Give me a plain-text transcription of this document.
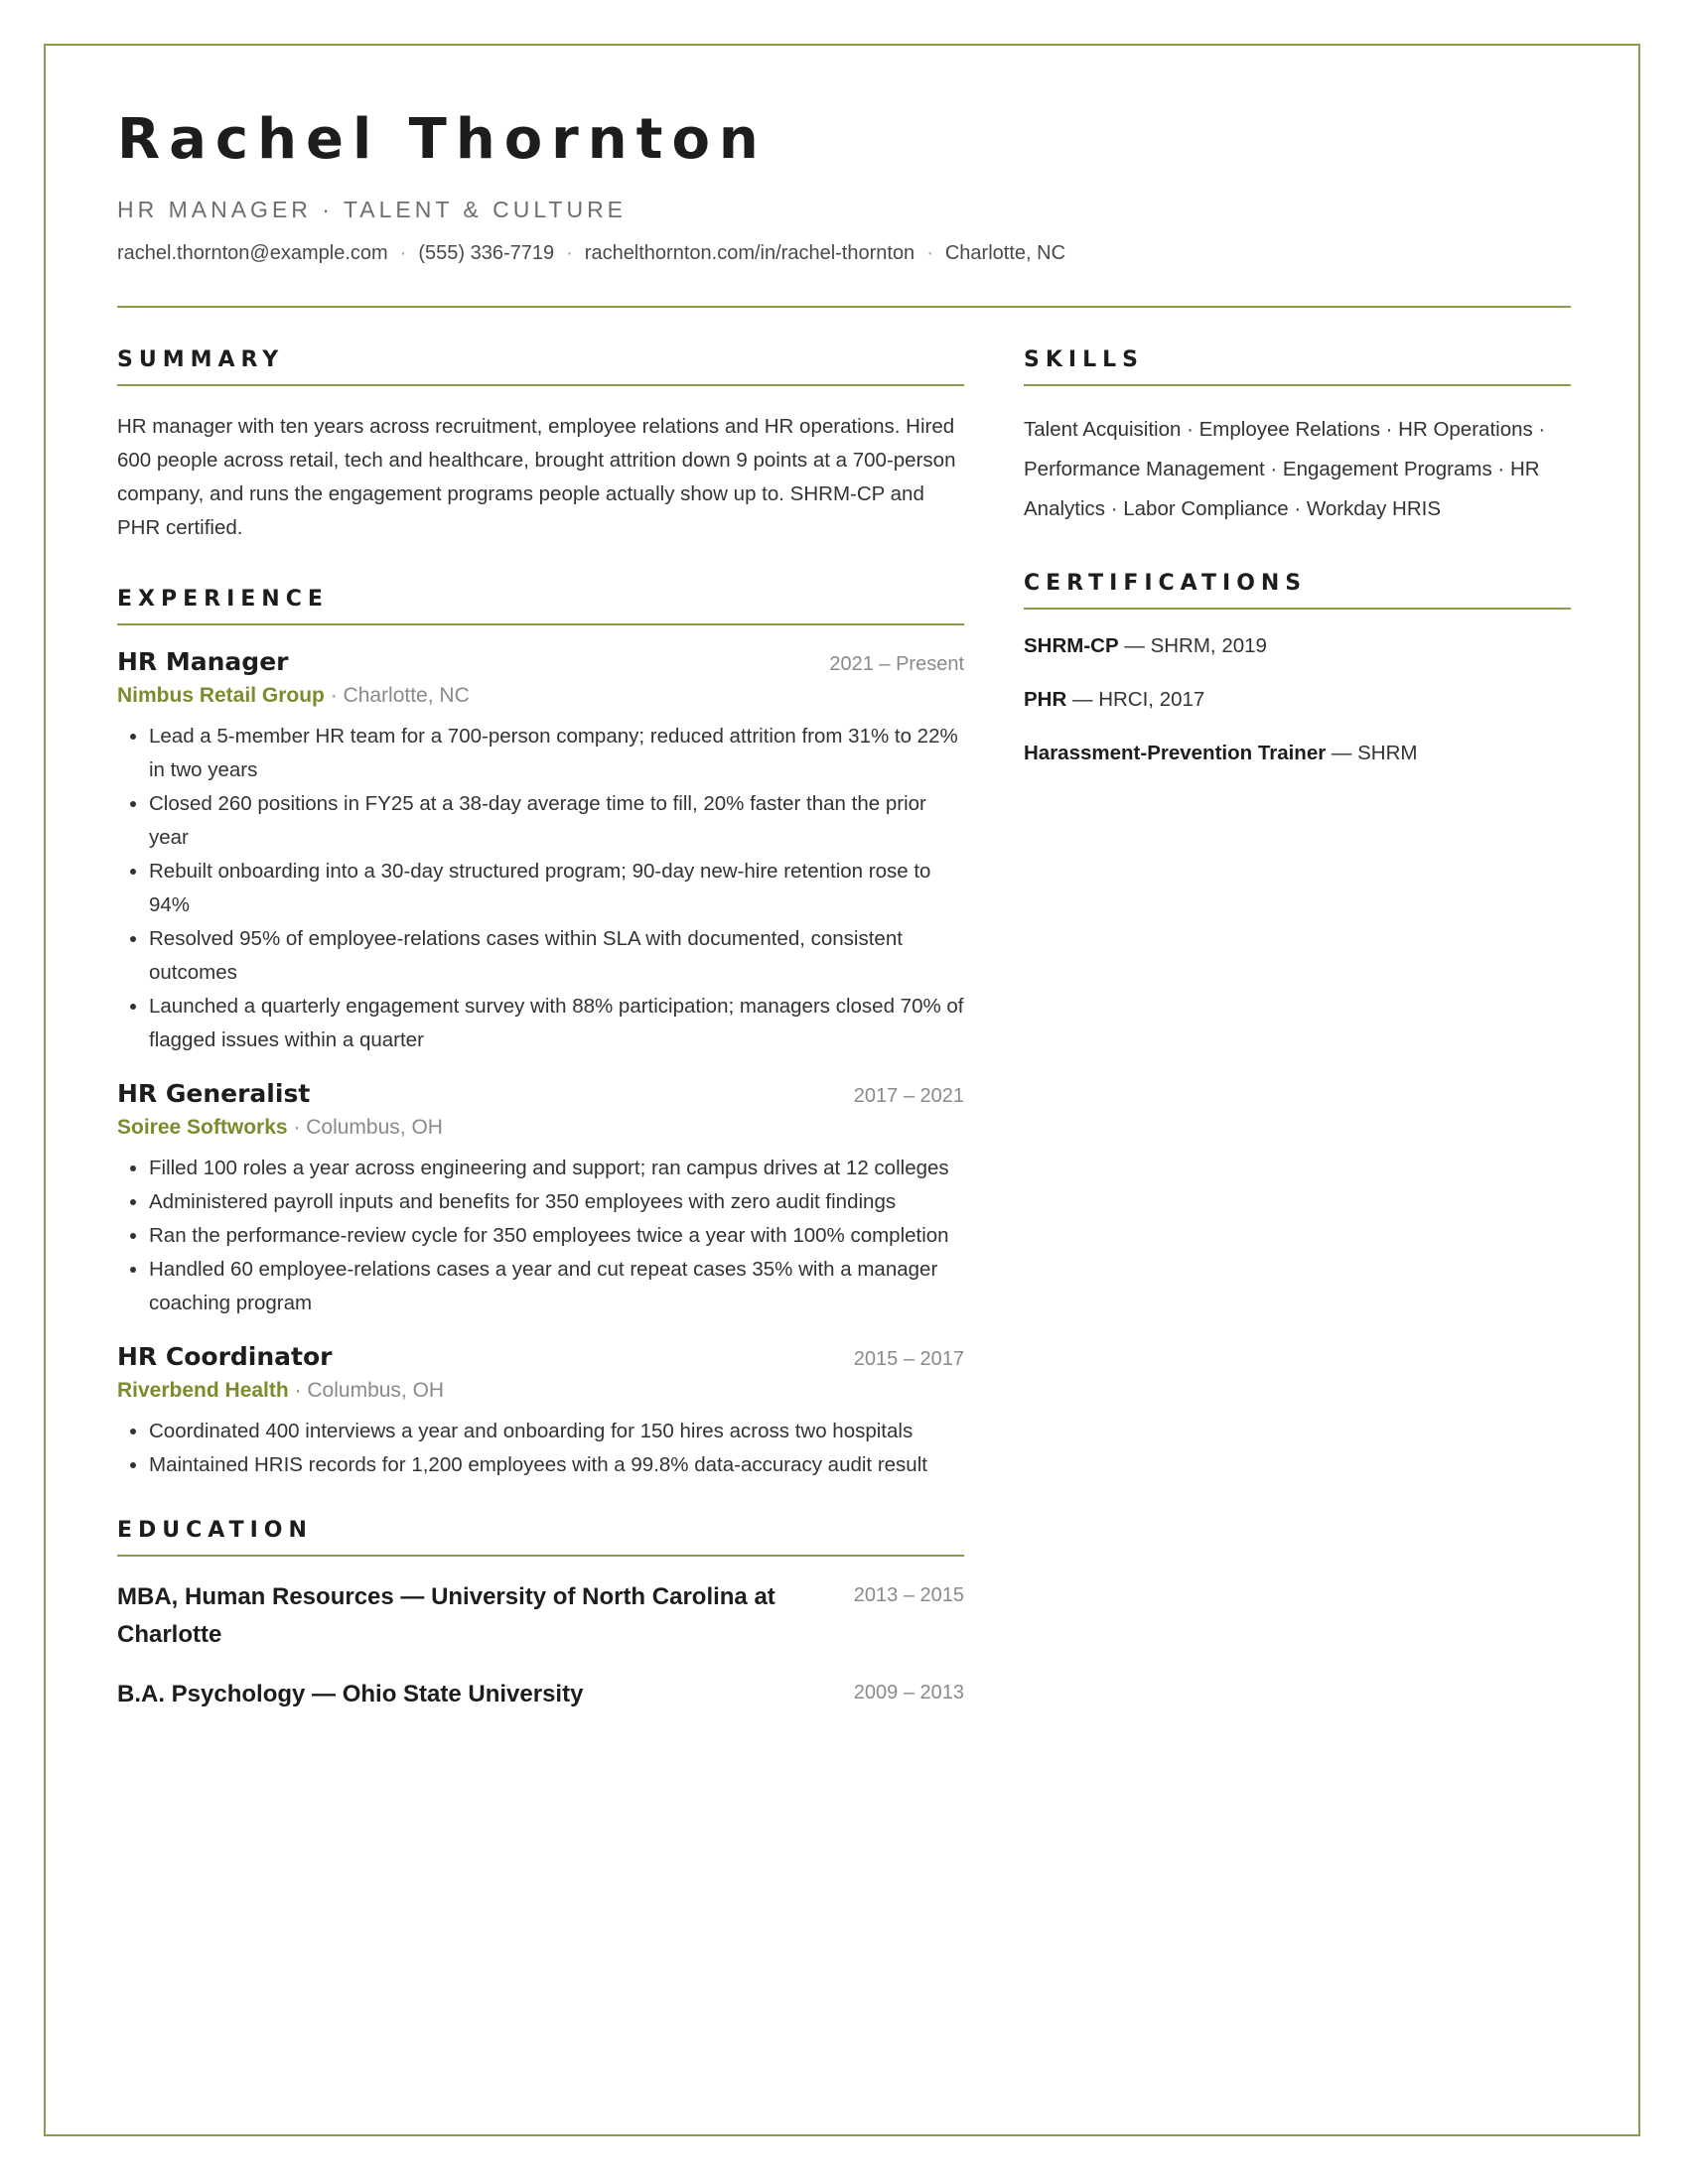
Rachel Thornton
HR MANAGER · TALENT & CULTURE
rachel.thornton@example.com · (555) 336-7719 · rachelthornton.com/in/rachel-thornton · Charlotte, NC
SUMMARY

HR manager with ten years across recruitment, employee relations and HR operations. Hired 600 people across retail, tech and healthcare, brought attrition down 9 points at a 700-person company, and runs the engagement programs people actually show up to. SHRM-CP and PHR certified.

EXPERIENCE
HR Manager	2021 – Present
Nimbus Retail Group · Charlotte, NC
• Lead a 5-member HR team for a 700-person company; reduced attrition from 31% to 22% in two years
• Closed 260 positions in FY25 at a 38-day average time to fill, 20% faster than the prior year
• Rebuilt onboarding into a 30-day structured program; 90-day new-hire retention rose to 94%
• Resolved 95% of employee-relations cases within SLA with documented, consistent outcomes
• Launched a quarterly engagement survey with 88% participation; managers closed 70% of flagged issues within a quarter
HR Generalist	2017 – 2021
Soiree Softworks · Columbus, OH
• Filled 100 roles a year across engineering and support; ran campus drives at 12 colleges
• Administered payroll inputs and benefits for 350 employees with zero audit findings
• Ran the performance-review cycle for 350 employees twice a year with 100% completion
• Handled 60 employee-relations cases a year and cut repeat cases 35% with a manager coaching program
HR Coordinator	2015 – 2017
Riverbend Health · Columbus, OH
• Coordinated 400 interviews a year and onboarding for 150 hires across two hospitals
• Maintained HRIS records for 1,200 employees with a 99.8% data-accuracy audit result
EDUCATION
MBA, Human Resources — University of North Carolina at Charlotte
2013 – 2015
B.A. Psychology — Ohio State University	2009 – 2013
SKILLS

Talent Acquisition · Employee Relations · HR Operations · Performance Management · Engagement Programs · HR Analytics · Labor Compliance · Workday HRIS

CERTIFICATIONS
SHRM-CP — SHRM, 2019
PHR — HRCI, 2017
Harassment-Prevention Trainer — SHRM
